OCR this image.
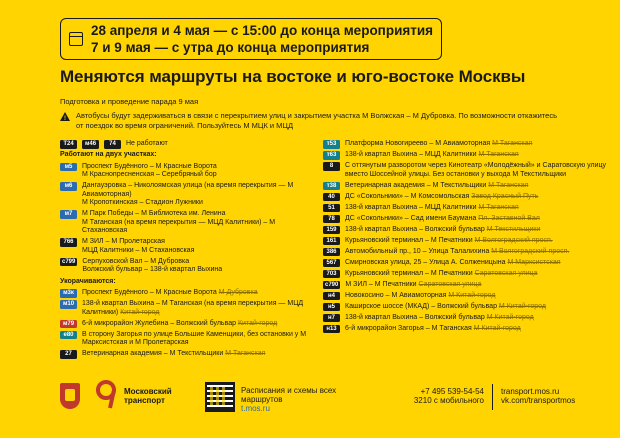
28 апреля и 4 мая — с 15:00 до конца мероприятия
7 и 9 мая — с утра до конца мероприятия
Меняются маршруты на востоке и юго-востоке Москвы
Подготовка и проведение парада 9 мая
!
Автобусы будут задерживаться в связи с перекрытием улиц и закрытием участка М Волжская – М Дубровка. По возможности откажитесь от поездок во время ограничений. Пользуйтесь М МЦК и МЦД
Т24	м46	74	Не работают
Работают на двух участках:
м5	Проспект Будённого – М Красные Ворота
М Краснопресненская – Серебряный бор
м6	Дангауэровка – Николоямская улица (на время перекрытия — М Авиамоторная)
М Кропоткинская – Стадион Лужники
м7	М Парк Победы – М Библиотека им. Ленина
М Таганская (на время перекрытия — МЦД Калитники) – М Стахановская
766	М ЗИЛ – М Пролетарская
МЦД Калитники – М Стахановская
с799 Серпуховской Вал – М Дубровка
Волжский бульвар – 138-й квартал Выхина
Укорачиваются:
м3к	Проспект Будённого – М Красные Ворота М Дубровка
м10	138-й квартал Выхина – М Таганская (на время перекрытия — МЦД Калитники) Китай-город
м79	6-й микрорайон Жулебина – Волжский бульвар Китай-город
е80	В сторону Загорья по улице Большие Каменщики, без остановки у М Марксистская и М Пролетарская
27	Ветеринарная академия – М Текстильщики М Таганская
т53	Платформа Новогиреево – М Авиамоторная М Таганская
т63	138-й квартал Выхина – МЦД Калитники М Таганская
8	С оттянутым разворотом через Кинотеатр «Молодёжный» и Саратовскую улицу вместо Шоссейной улицы. Без остановки у выхода М Текстильщики
т38	Ветеринарная академия – М Текстильщики М Таганская
40	ДС «Сокольники» – М Комсомольская Завод Красный Путь
51	138-й квартал Выхина – МЦД Калитники М Таганская
78	ДС «Сокольники» – Сад имени Баумана Пл. Заставной Вал
159	138-й квартал Выхина – Волжский бульвар М Текстильщики
161	Курьяновский терминал – М Печатники М Волгоградский просп.
386	Автомобильный пр., 10 – Улица Талалихина М Волгоградский просп.
567	Смирновская улица, 25 – Улица А. Солженицына М Марксистская
703	Курьяновский терминал – М Печатники Саратовская улица
с790 М ЗИЛ – М Печатники Саратовская улица
н4	Новокосино – М Авиамоторная М Китай-город
н5	Каширское шоссе (МКАД) – Волжский бульвар М Китай-город
н7	138-й квартал Выхина – Волжский бульвар М Китай-город
н13	6-й микрорайон Загорья – М Таганская М Китай-город
Московский транспорт
Расписания и схемы всех маршрутов
t.mos.ru
+7 495 539-54-54
3210 с мобильного
transport.mos.ru
vk.com/transportmos
